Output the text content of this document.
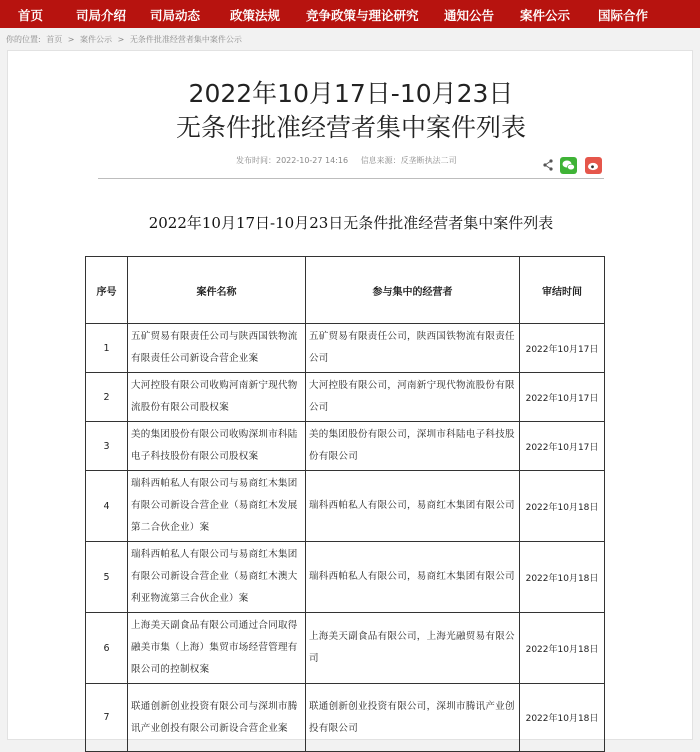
首页	司局介绍 司局动态 政策法规 竞争政策与理论研究 通知公告 案件公示 国际合作
你的位置: 首页 > 案件公示 > 无条件批准经营者集中案件公示
2022年10月17日-10月23日
无条件批准经营者集中案件列表
发布时间：2022-10-27 14:16 信息来源：反垄断执法二司
2022年10月17日-10月23日无条件批准经营者集中案件列表
序号	案件名称	参与集中的经营者	审结时间
1	五矿贸易有限责任公司与陕西国铁物流有限责任公司新设合营企业案	五矿贸易有限责任公司，陕西国铁物流有限责任公司	2022年10月17日
2	大河控股有限公司收购河南新宁现代物流股份有限公司股权案	大河控股有限公司，河南新宁现代物流股份有限公司	2022年10月17日
3	美的集团股份有限公司收购深圳市科陆电子科技股份有限公司股权案	美的集团股份有限公司，深圳市科陆电子科技股份有限公司	2022年10月17日
4	瑞科西帕私人有限公司与易商红木集团有限公司新设合营企业（易商红木发展第二合伙企业）案	瑞科西帕私人有限公司，易商红木集团有限公司	2022年10月18日
5	瑞科西帕私人有限公司与易商红木集团有限公司新设合营企业（易商红木澳大利亚物流第三合伙企业）案	瑞科西帕私人有限公司，易商红木集团有限公司	2022年10月18日
6	上海美天副食品有限公司通过合同取得融美市集（上海）集贸市场经营管理有限公司的控制权案	上海美天副食品有限公司，上海光融贸易有限公司	2022年10月18日
7	联通创新创业投资有限公司与深圳市腾讯产业创投有限公司新设合营企业案	联通创新创业投资有限公司，深圳市腾讯产业创投有限公司	2022年10月18日
